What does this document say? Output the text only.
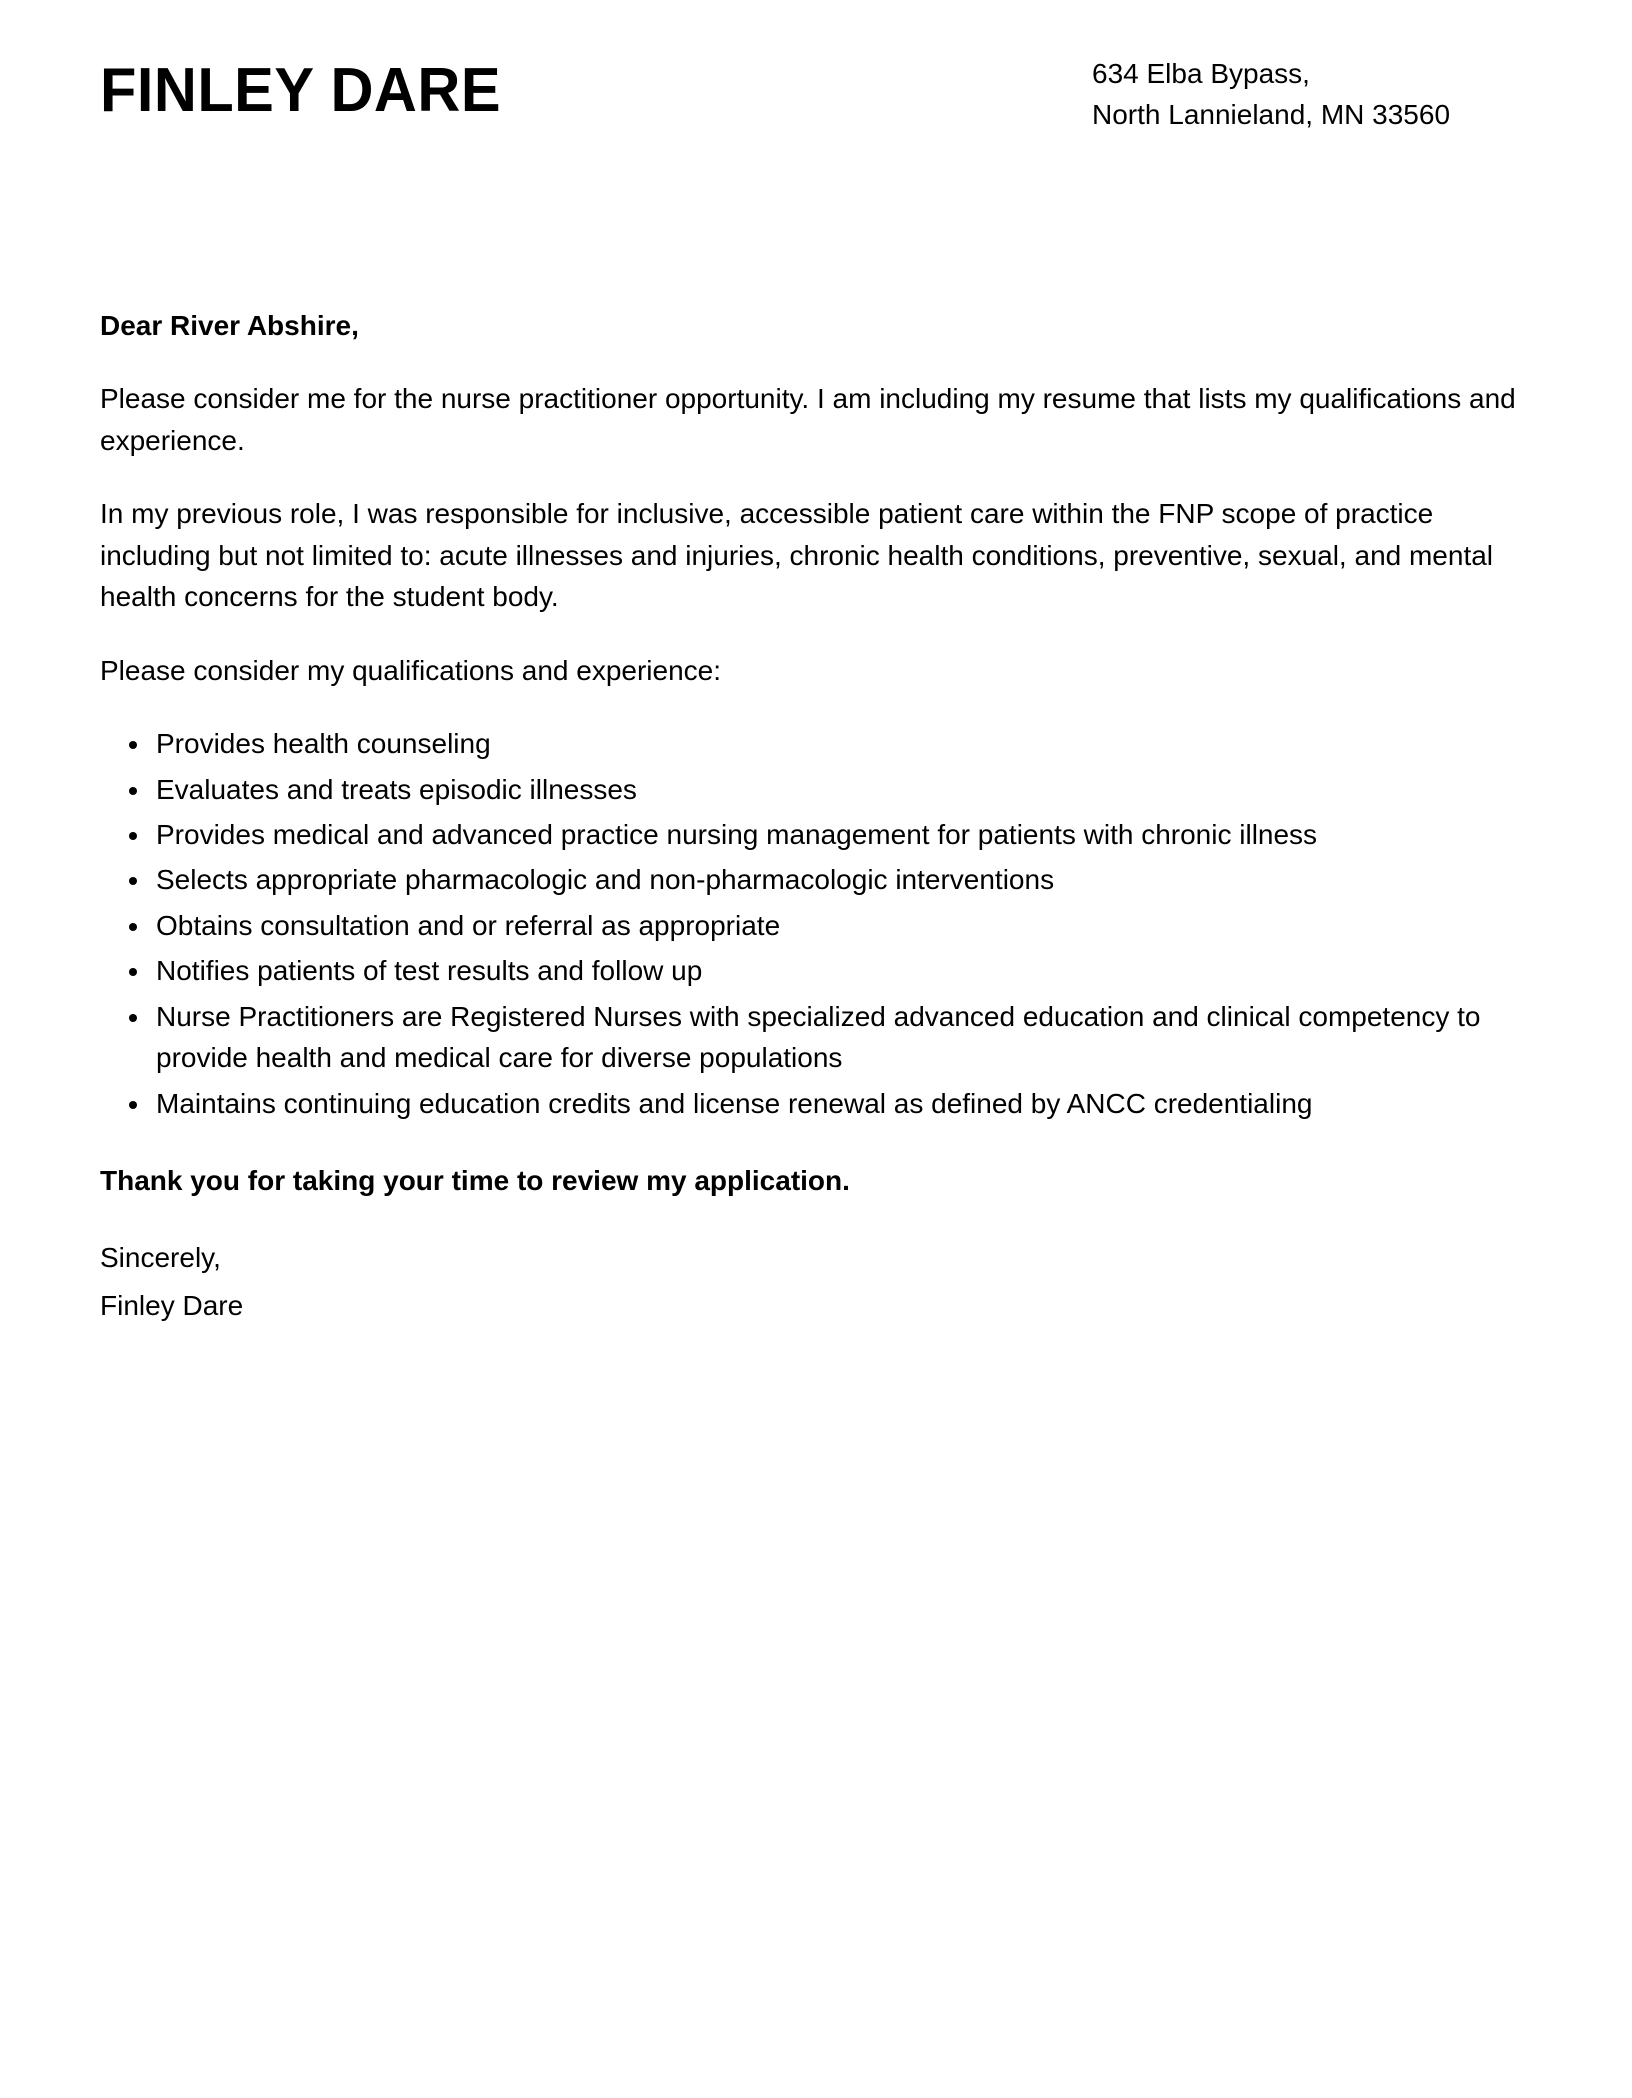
FINLEY DARE	634 Elba Bypass,
North Lannieland, MN 33560
Dear River Abshire,

Please consider me for the nurse practitioner opportunity. I am including my resume that lists my qualifications and experience.

In my previous role, I was responsible for inclusive, accessible patient care within the FNP scope of practice including but not limited to: acute illnesses and injuries, chronic health conditions, preventive, sexual, and mental health concerns for the student body.

Please consider my qualifications and experience:

• Provides health counseling
• Evaluates and treats episodic illnesses
• Provides medical and advanced practice nursing management for patients with chronic illness
• Selects appropriate pharmacologic and non-pharmacologic interventions
• Obtains consultation and or referral as appropriate
• Notifies patients of test results and follow up
• Nurse Practitioners are Registered Nurses with specialized advanced education and clinical competency to provide health and medical care for diverse populations
• Maintains continuing education credits and license renewal as defined by ANCC credentialing
Thank you for taking your time to review my application.
Sincerely,
Finley Dare
